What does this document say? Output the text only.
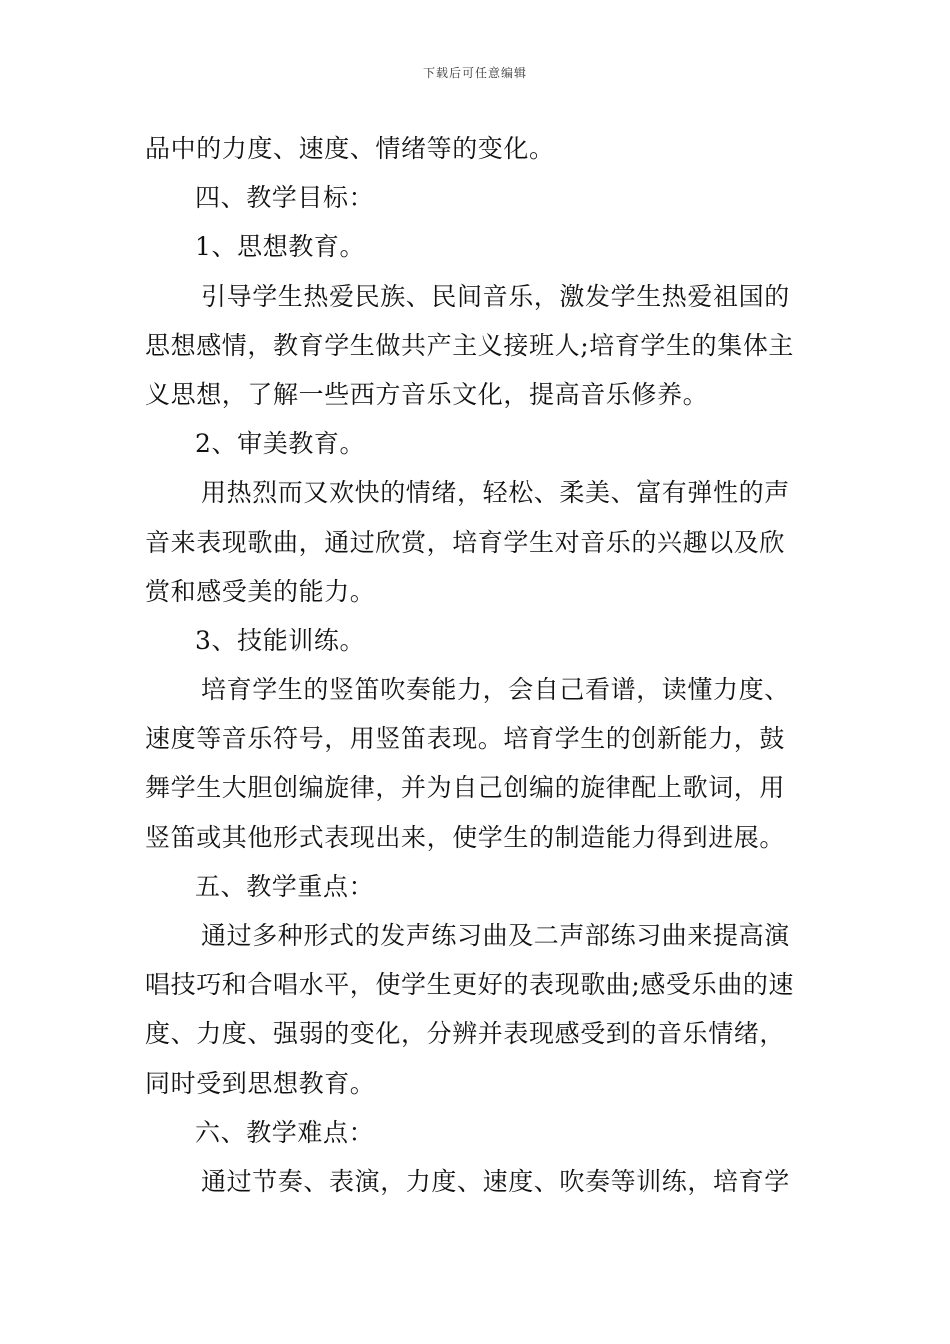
下载后可任意编辑
品中的力度、速度、情绪等的变化。
四、教学目标：
1、思想教育。
引导学生热爱民族、民间音乐，激发学生热爱祖国的
思想感情，教育学生做共产主义接班人;培育学生的集体主
义思想，了解一些西方音乐文化，提高音乐修养。
2、审美教育。
用热烈而又欢快的情绪，轻松、柔美、富有弹性的声
音来表现歌曲，通过欣赏，培育学生对音乐的兴趣以及欣
赏和感受美的能力。
3、技能训练。
培育学生的竖笛吹奏能力，会自己看谱，读懂力度、
速度等音乐符号，用竖笛表现。培育学生的创新能力，鼓
舞学生大胆创编旋律，并为自己创编的旋律配上歌词，用
竖笛或其他形式表现出来，使学生的制造能力得到进展。
五、教学重点：
通过多种形式的发声练习曲及二声部练习曲来提高演
唱技巧和合唱水平，使学生更好的表现歌曲;感受乐曲的速
度、力度、强弱的变化，分辨并表现感受到的音乐情绪，
同时受到思想教育。
六、教学难点：
通过节奏、表演，力度、速度、吹奏等训练，培育学
